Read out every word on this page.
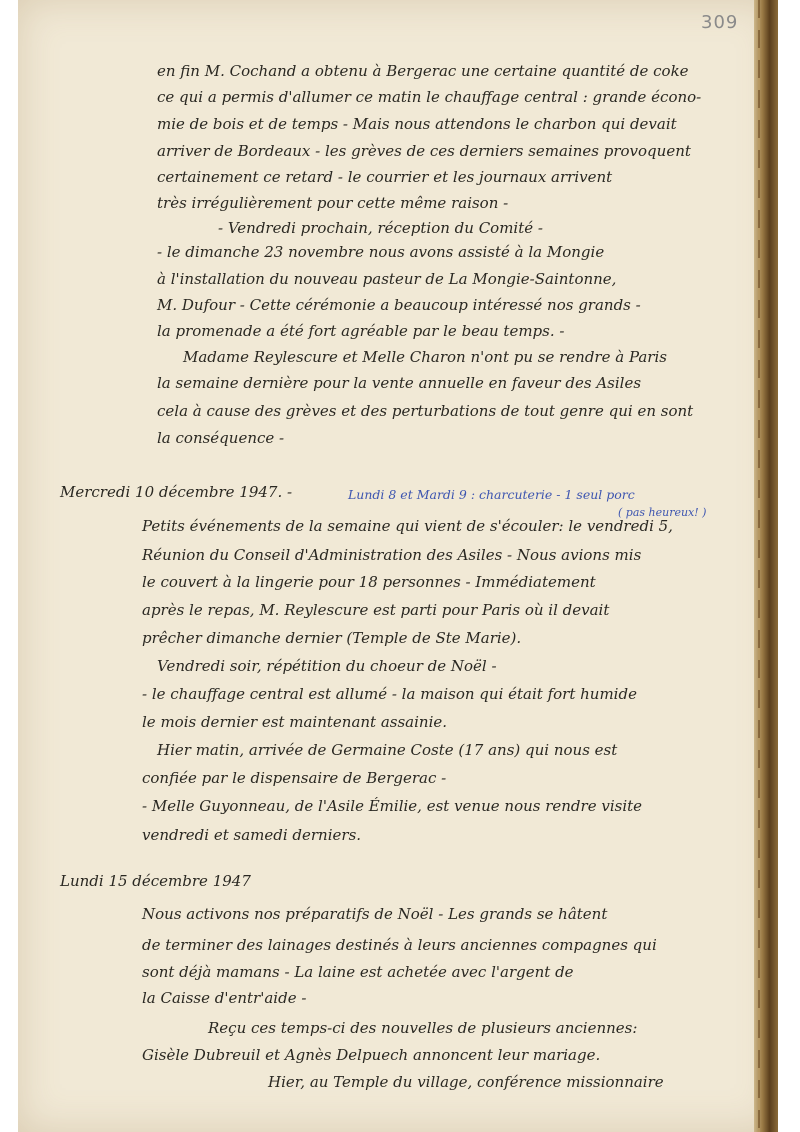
309
en fin M. Cochand a obtenu à Bergerac une certaine quantité de coke
ce qui a permis d'allumer ce matin le chauffage central : grande écono-
mie de bois et de temps - Mais nous attendons le charbon qui devait
arriver de Bordeaux - les grèves de ces derniers semaines provoquent
certainement ce retard - le courrier et les journaux arrivent
très irrégulièrement pour cette même raison -
- Vendredi prochain, réception du Comité -
- le dimanche 23 novembre nous avons assisté à la Mongie
à l'installation du nouveau pasteur de La Mongie-Saintonne,
M. Dufour - Cette cérémonie a beaucoup intéressé nos grands -
la promenade a été fort agréable par le beau temps. -
Madame Reylescure et Melle Charon n'ont pu se rendre à Paris
la semaine dernière pour la vente annuelle en faveur des Asiles
cela à cause des grèves et des perturbations de tout genre qui en sont
la conséquence -
Mercredi 10 décembre 1947. -	Lundi 8 et Mardi 9 : charcuterie - 1 seul porc
( pas heureux! )
Petits événements de la semaine qui vient de s'écouler: le vendredi 5,
Réunion du Conseil d'Administration des Asiles - Nous avions mis
le couvert à la lingerie pour 18 personnes - Immédiatement
après le repas, M. Reylescure est parti pour Paris où il devait
prêcher dimanche dernier (Temple de Ste Marie).
Vendredi soir, répétition du choeur de Noël -
- le chauffage central est allumé - la maison qui était fort humide
le mois dernier est maintenant assainie.
Hier matin, arrivée de Germaine Coste (17 ans) qui nous est
confiée par le dispensaire de Bergerac -
- Melle Guyonneau, de l'Asile Émilie, est venue nous rendre visite
vendredi et samedi derniers.
Lundi 15 décembre 1947
Nous activons nos préparatifs de Noël - Les grands se hâtent
de terminer des lainages destinés à leurs anciennes compagnes qui
sont déjà mamans - La laine est achetée avec l'argent de
la Caisse d'entr'aide -
Reçu ces temps-ci des nouvelles de plusieurs anciennes:
Gisèle Dubreuil et Agnès Delpuech annoncent leur mariage.
Hier, au Temple du village, conférence missionnaire
